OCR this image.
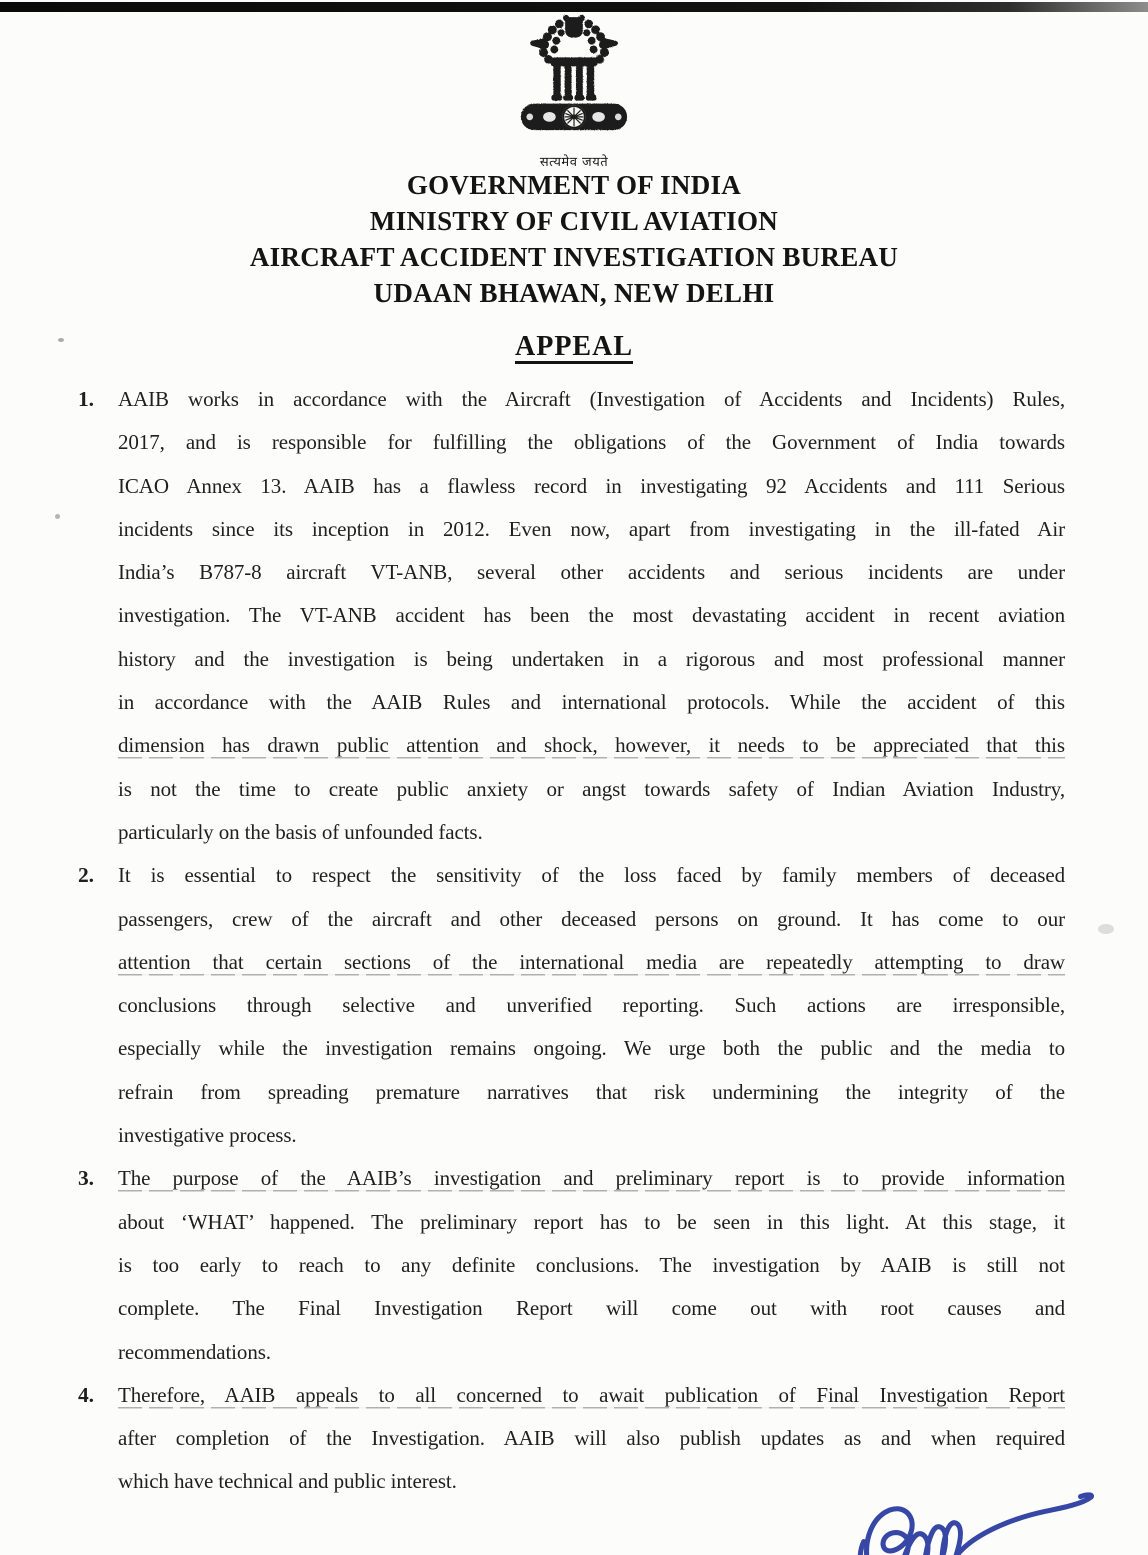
सत्यमेव जयते
GOVERNMENT OF INDIA
MINISTRY OF CIVIL AVIATION
AIRCRAFT ACCIDENT INVESTIGATION BUREAU
UDAAN BHAWAN, NEW DELHI
APPEAL
1.	AAIB works in accordance with the Aircraft (Investigation of Accidents and Incidents) Rules,
2017, and is responsible for fulfilling the obligations of the Government of India towards
ICAO Annex 13. AAIB has a flawless record in investigating 92 Accidents and 111 Serious
incidents since its inception in 2012. Even now, apart from investigating in the ill-fated Air
India’s B787-8 aircraft VT-ANB, several other accidents and serious incidents are under
investigation. The VT-ANB accident has been the most devastating accident in recent aviation
history and the investigation is being undertaken in a rigorous and most professional manner
in accordance with the AAIB Rules and international protocols. While the accident of this
dimension has drawn public attention and shock, however, it needs to be appreciated that this
is not the time to create public anxiety or angst towards safety of Indian Aviation Industry,
particularly on the basis of unfounded facts.
2.	It is essential to respect the sensitivity of the loss faced by family members of deceased
passengers, crew of the aircraft and other deceased persons on ground. It has come to our
attention that certain sections of the international media are repeatedly attempting to draw
conclusions through selective and unverified reporting. Such actions are irresponsible,
especially while the investigation remains ongoing. We urge both the public and the media to
refrain from spreading premature narratives that risk undermining the integrity of the
investigative process.
3.	The purpose of the AAIB’s investigation and preliminary report is to provide information
about ‘WHAT’ happened. The preliminary report has to be seen in this light. At this stage, it
is too early to reach to any definite conclusions. The investigation by AAIB is still not
complete. The Final Investigation Report will come out with root causes and
recommendations.
4.	Therefore, AAIB appeals to all concerned to await publication of Final Investigation Report
after completion of the Investigation. AAIB will also publish updates as and when required
which have technical and public interest.
